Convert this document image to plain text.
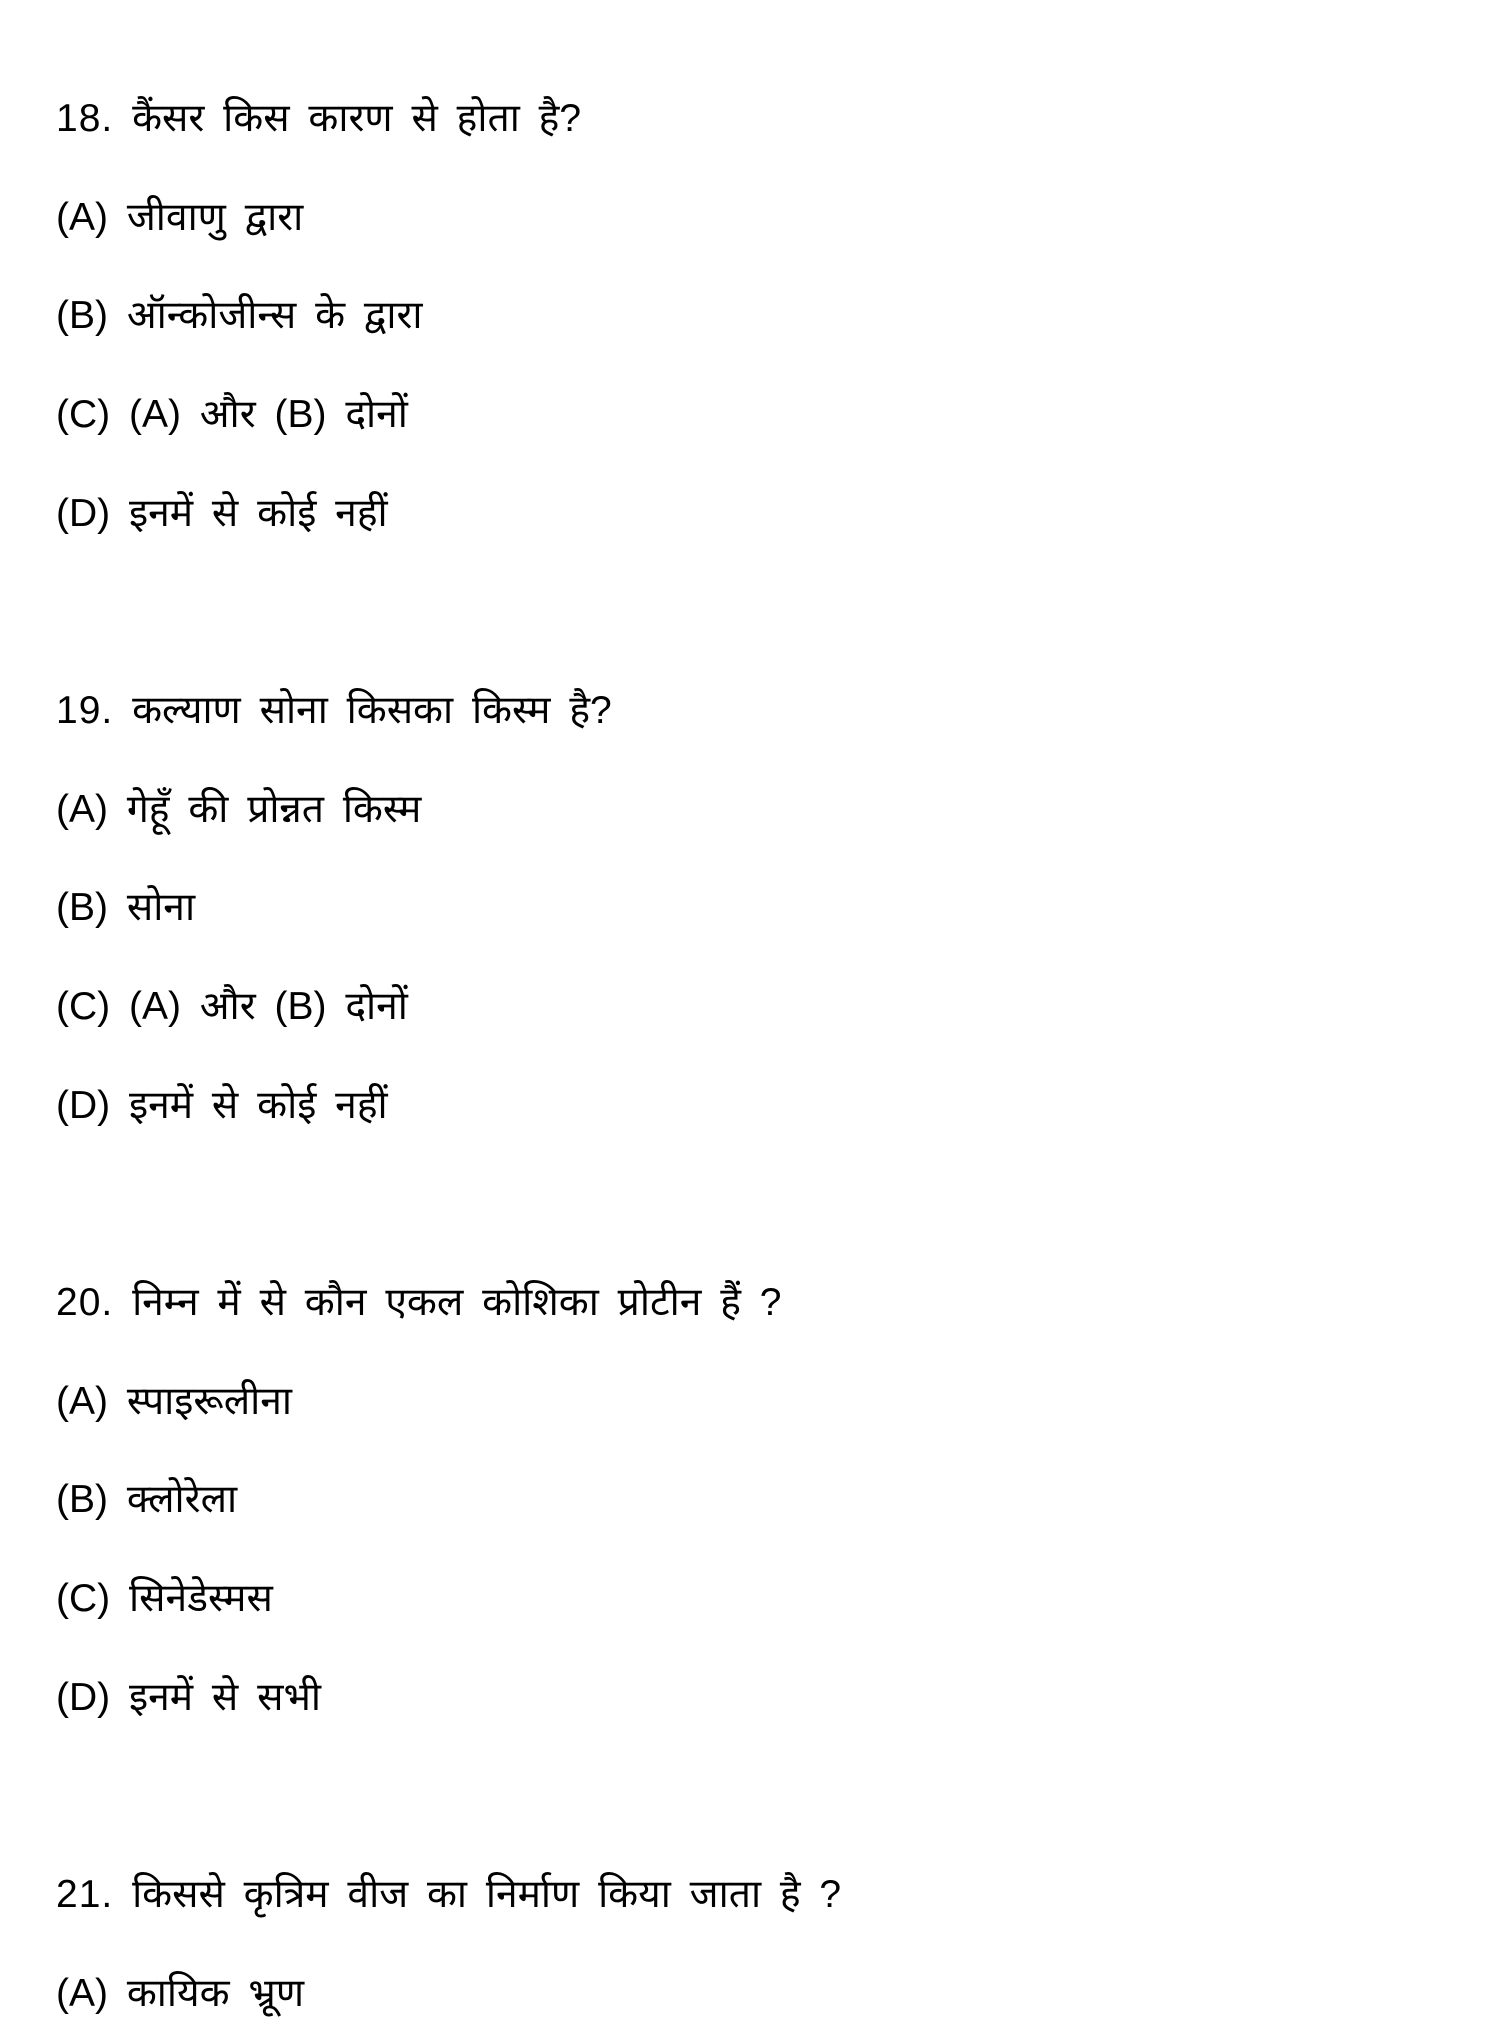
18. कैंसर किस कारण से होता है?
(A) जीवाणु द्वारा
(B) ऑन्कोजीन्स के द्वारा
(C) (A) और (B) दोनों
(D) इनमें से कोई नहीं
19. कल्याण सोना किसका किस्म है?
(A) गेहूँ की प्रोन्नत किस्म
(B) सोना
(C) (A) और (B) दोनों
(D) इनमें से कोई नहीं
20. निम्न में से कौन एकल कोशिका प्रोटीन हैं ?
(A) स्पाइरूलीना
(B) क्लोरेला
(C) सिनेडेस्मस
(D) इनमें से सभी
21. किससे कृत्रिम वीज का निर्माण किया जाता है ?
(A) कायिक भ्रूण
